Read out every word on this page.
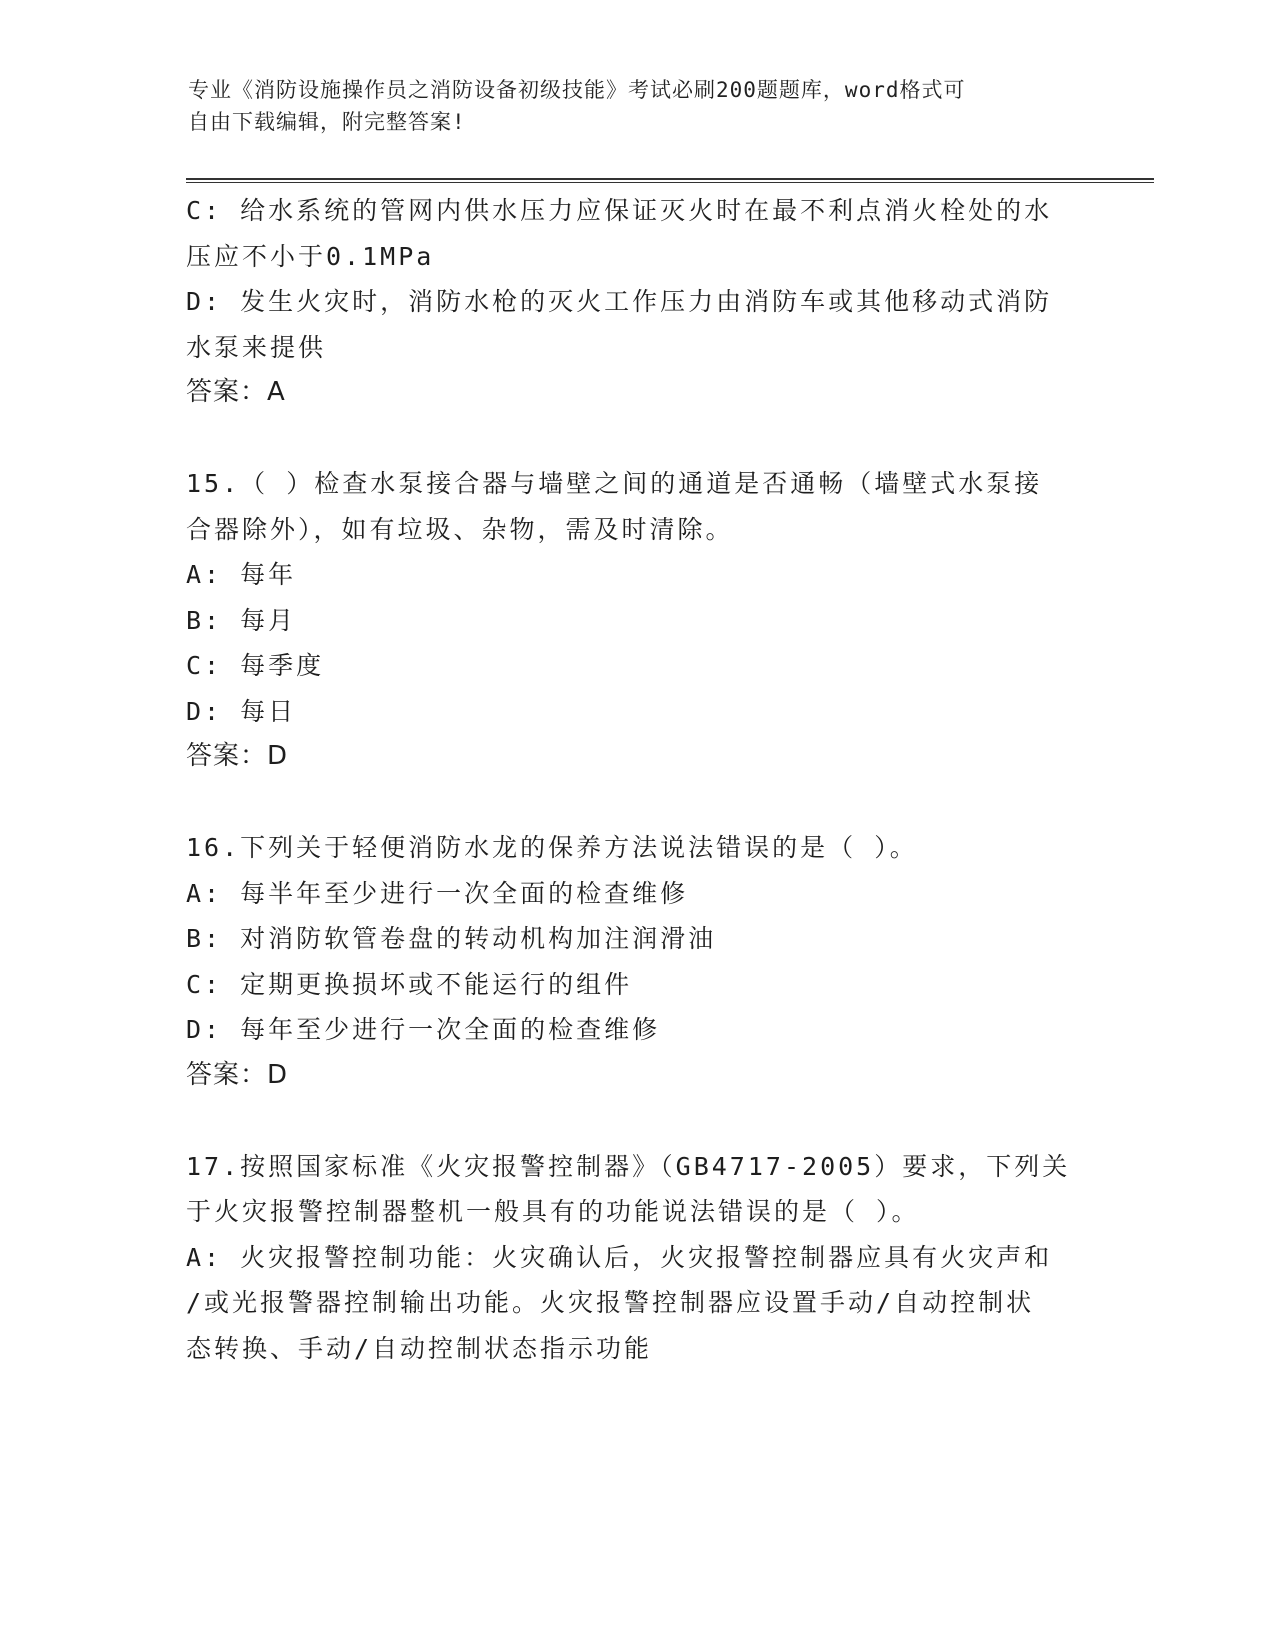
专业《消防设施操作员之消防设备初级技能》考试必刷200题题库，word格式可
自由下载编辑，附完整答案!
C: 给水系统的管网内供水压力应保证灭火时在最不利点消火栓处的水
压应不小于0.1MPa
D: 发生火灾时，消防水枪的灭火工作压力由消防车或其他移动式消防
水泵来提供
答案：A
15.（ ）检查水泵接合器与墙壁之间的通道是否通畅（墙壁式水泵接
合器除外），如有垃圾、杂物，需及时清除。
A: 每年
B: 每月
C: 每季度
D: 每日
答案：D
16.下列关于轻便消防水龙的保养方法说法错误的是（ ）。
A: 每半年至少进行一次全面的检查维修
B: 对消防软管卷盘的转动机构加注润滑油
C: 定期更换损坏或不能运行的组件
D: 每年至少进行一次全面的检查维修
答案：D
17.按照国家标准《火灾报警控制器》（GB4717-2005）要求，下列关
于火灾报警控制器整机一般具有的功能说法错误的是（ ）。
A: 火灾报警控制功能：火灾确认后，火灾报警控制器应具有火灾声和
/或光报警器控制输出功能。火灾报警控制器应设置手动/自动控制状
态转换、手动/自动控制状态指示功能
